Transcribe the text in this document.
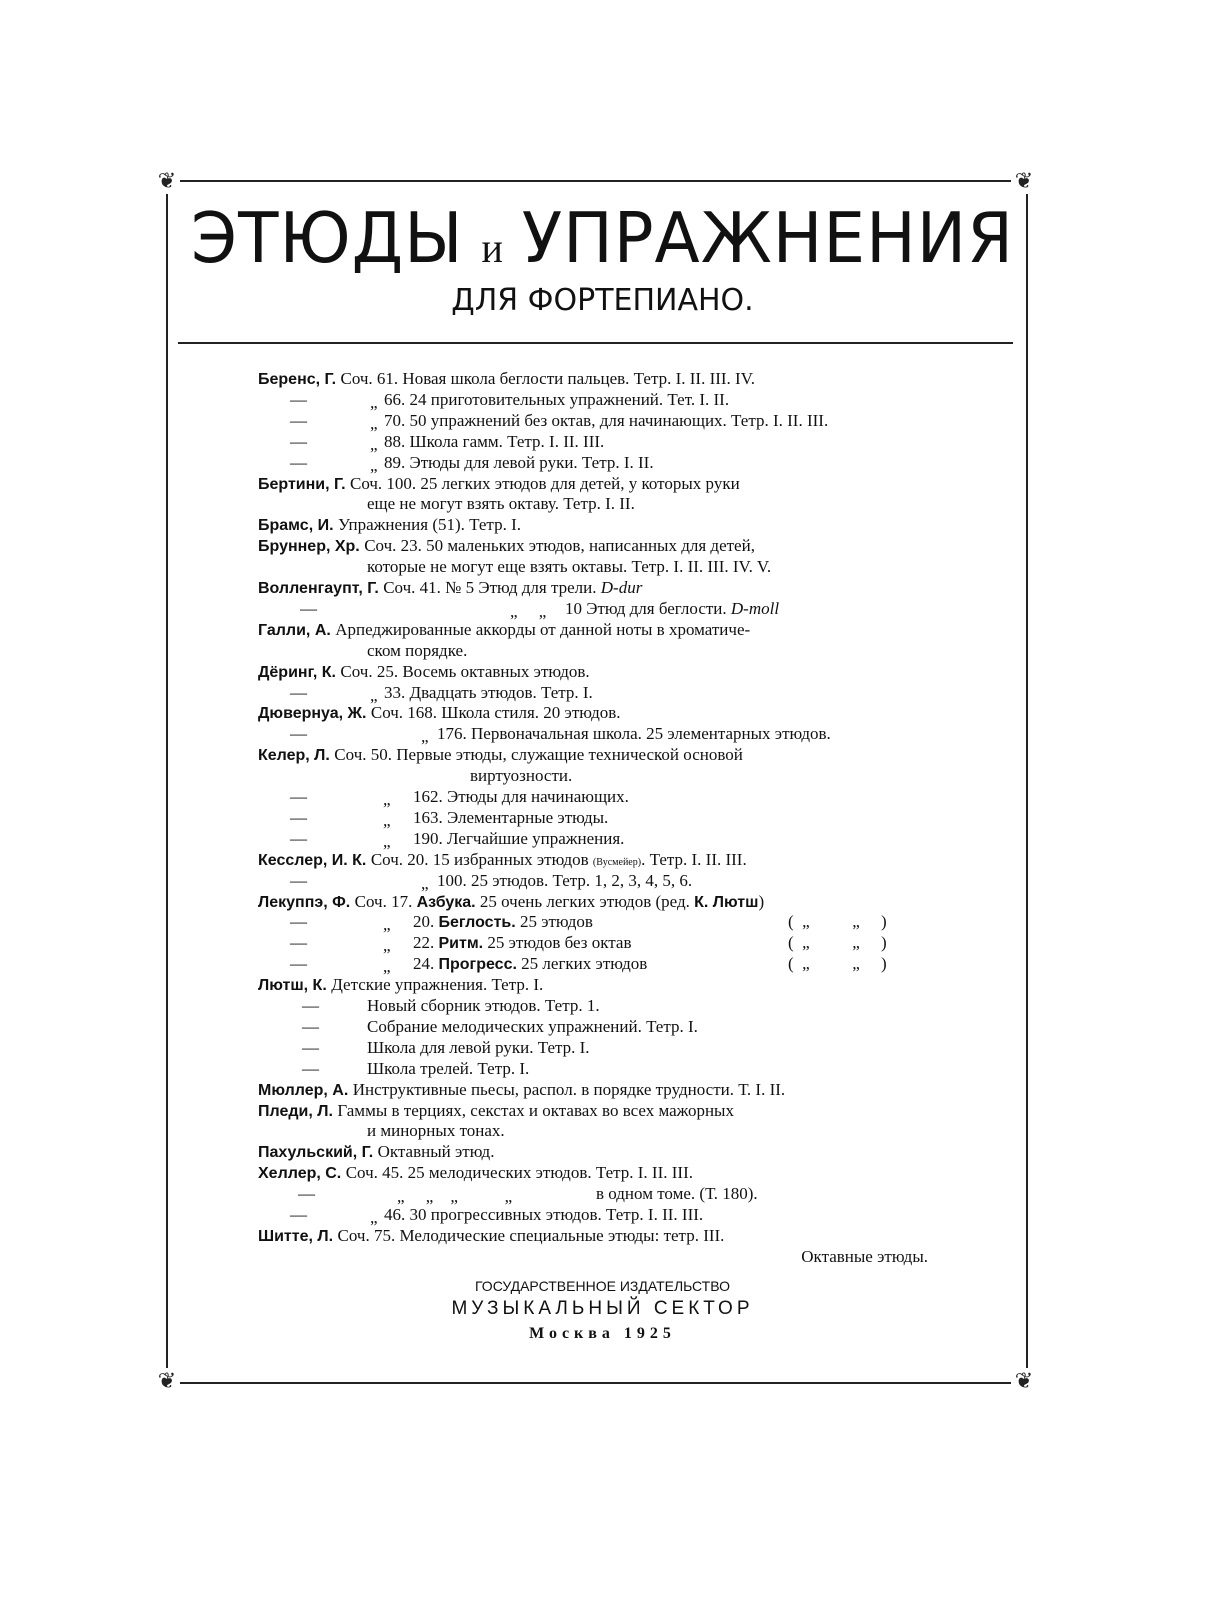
❦	❦
❦	❦
ЭТЮДЫ и УПРАЖНЕНИЯ
ДЛЯ ФОРТЕПИАНО.
Беренс, Г. Соч. 61. Новая школа беглости пальцев. Тетр. I. II. III. IV.
—	„ 66. 24 приготовительных упражнений. Тет. I. II.
—	„ 70. 50 упражнений без октав, для начинающих. Тетр. I. II. III.
—	„ 88. Школа гамм. Тетр. I. II. III.
—	„ 89. Этюды для левой руки. Тетр. I. II.
Бертини, Г. Соч. 100. 25 легких этюдов для детей, у которых руки
еще не могут взять октаву. Тетр. I. II.
Брамс, И. Упражнения (51). Тетр. I.
Бруннер, Хр. Соч. 23. 50 маленьких этюдов, написанных для детей,
которые не могут еще взять октавы. Тетр. I. II. III. IV. V.
Волленгаупт, Г. Соч. 41. № 5 Этюд для трели. D-dur
—	„     „ 10 Этюд для беглости. D-moll
Галли, А. Арпеджированные аккорды от данной ноты в хроматиче-
ском порядке.
Дёринг, К. Соч. 25. Восемь октавных этюдов.
—	„ 33. Двадцать этюдов. Тетр. I.
Дювернуа, Ж. Соч. 168. Школа стиля. 20 этюдов.
—	„ 176. Первоначальная школа. 25 элементарных этюдов.
Келер, Л. Соч. 50. Первые этюды, служащие технической основой
виртуозности.
—	„ 162. Этюды для начинающих.
—	„ 163. Элементарные этюды.
—	„ 190. Легчайшие упражнения.
Кесслер, И. К. Соч. 20. 15 избранных этюдов (Вусмейер). Тетр. I. II. III.
—	„ 100. 25 этюдов. Тетр. 1, 2, 3, 4, 5, 6.
Лекуппэ, Ф. Соч. 17. Азбука. 25 очень легких этюдов (ред. К. Лютш)
—	„ 20. Беглость. 25 этюдов	(  „          „     )
—	„ 22. Ритм. 25 этюдов без октав	(  „          „     )
—	„ 24. Прогресс. 25 легких этюдов	(  „          „     )
Лютш, К. Детские упражнения. Тетр. I.
—	Новый сборник этюдов. Тетр. 1.
—	Собрание мелодических упражнений. Тетр. I.
—	Школа для левой руки. Тетр. I.
—	Школа трелей. Тетр. I.
Мюллер, А. Инструктивные пьесы, распол. в порядке трудности. Т. I. II.
Пледи, Л. Гаммы в терциях, секстах и октавах во всех мажорных
и минорных тонах.
Пахульский, Г. Октавный этюд.
Хеллер, С. Соч. 45. 25 мелодических этюдов. Тетр. I. II. III.
—	„     „    „           „	в одном томе. (Т. 180).
—	„ 46. 30 прогрессивных этюдов. Тетр. I. II. III.
Шитте, Л. Соч. 75. Мелодические специальные этюды: тетр. III.
Октавные этюды.
ГОСУДАРСТВЕННОЕ ИЗДАТЕЛЬСТВО
МУЗЫКАЛЬНЫЙ СЕКТОР
Москва 1925
